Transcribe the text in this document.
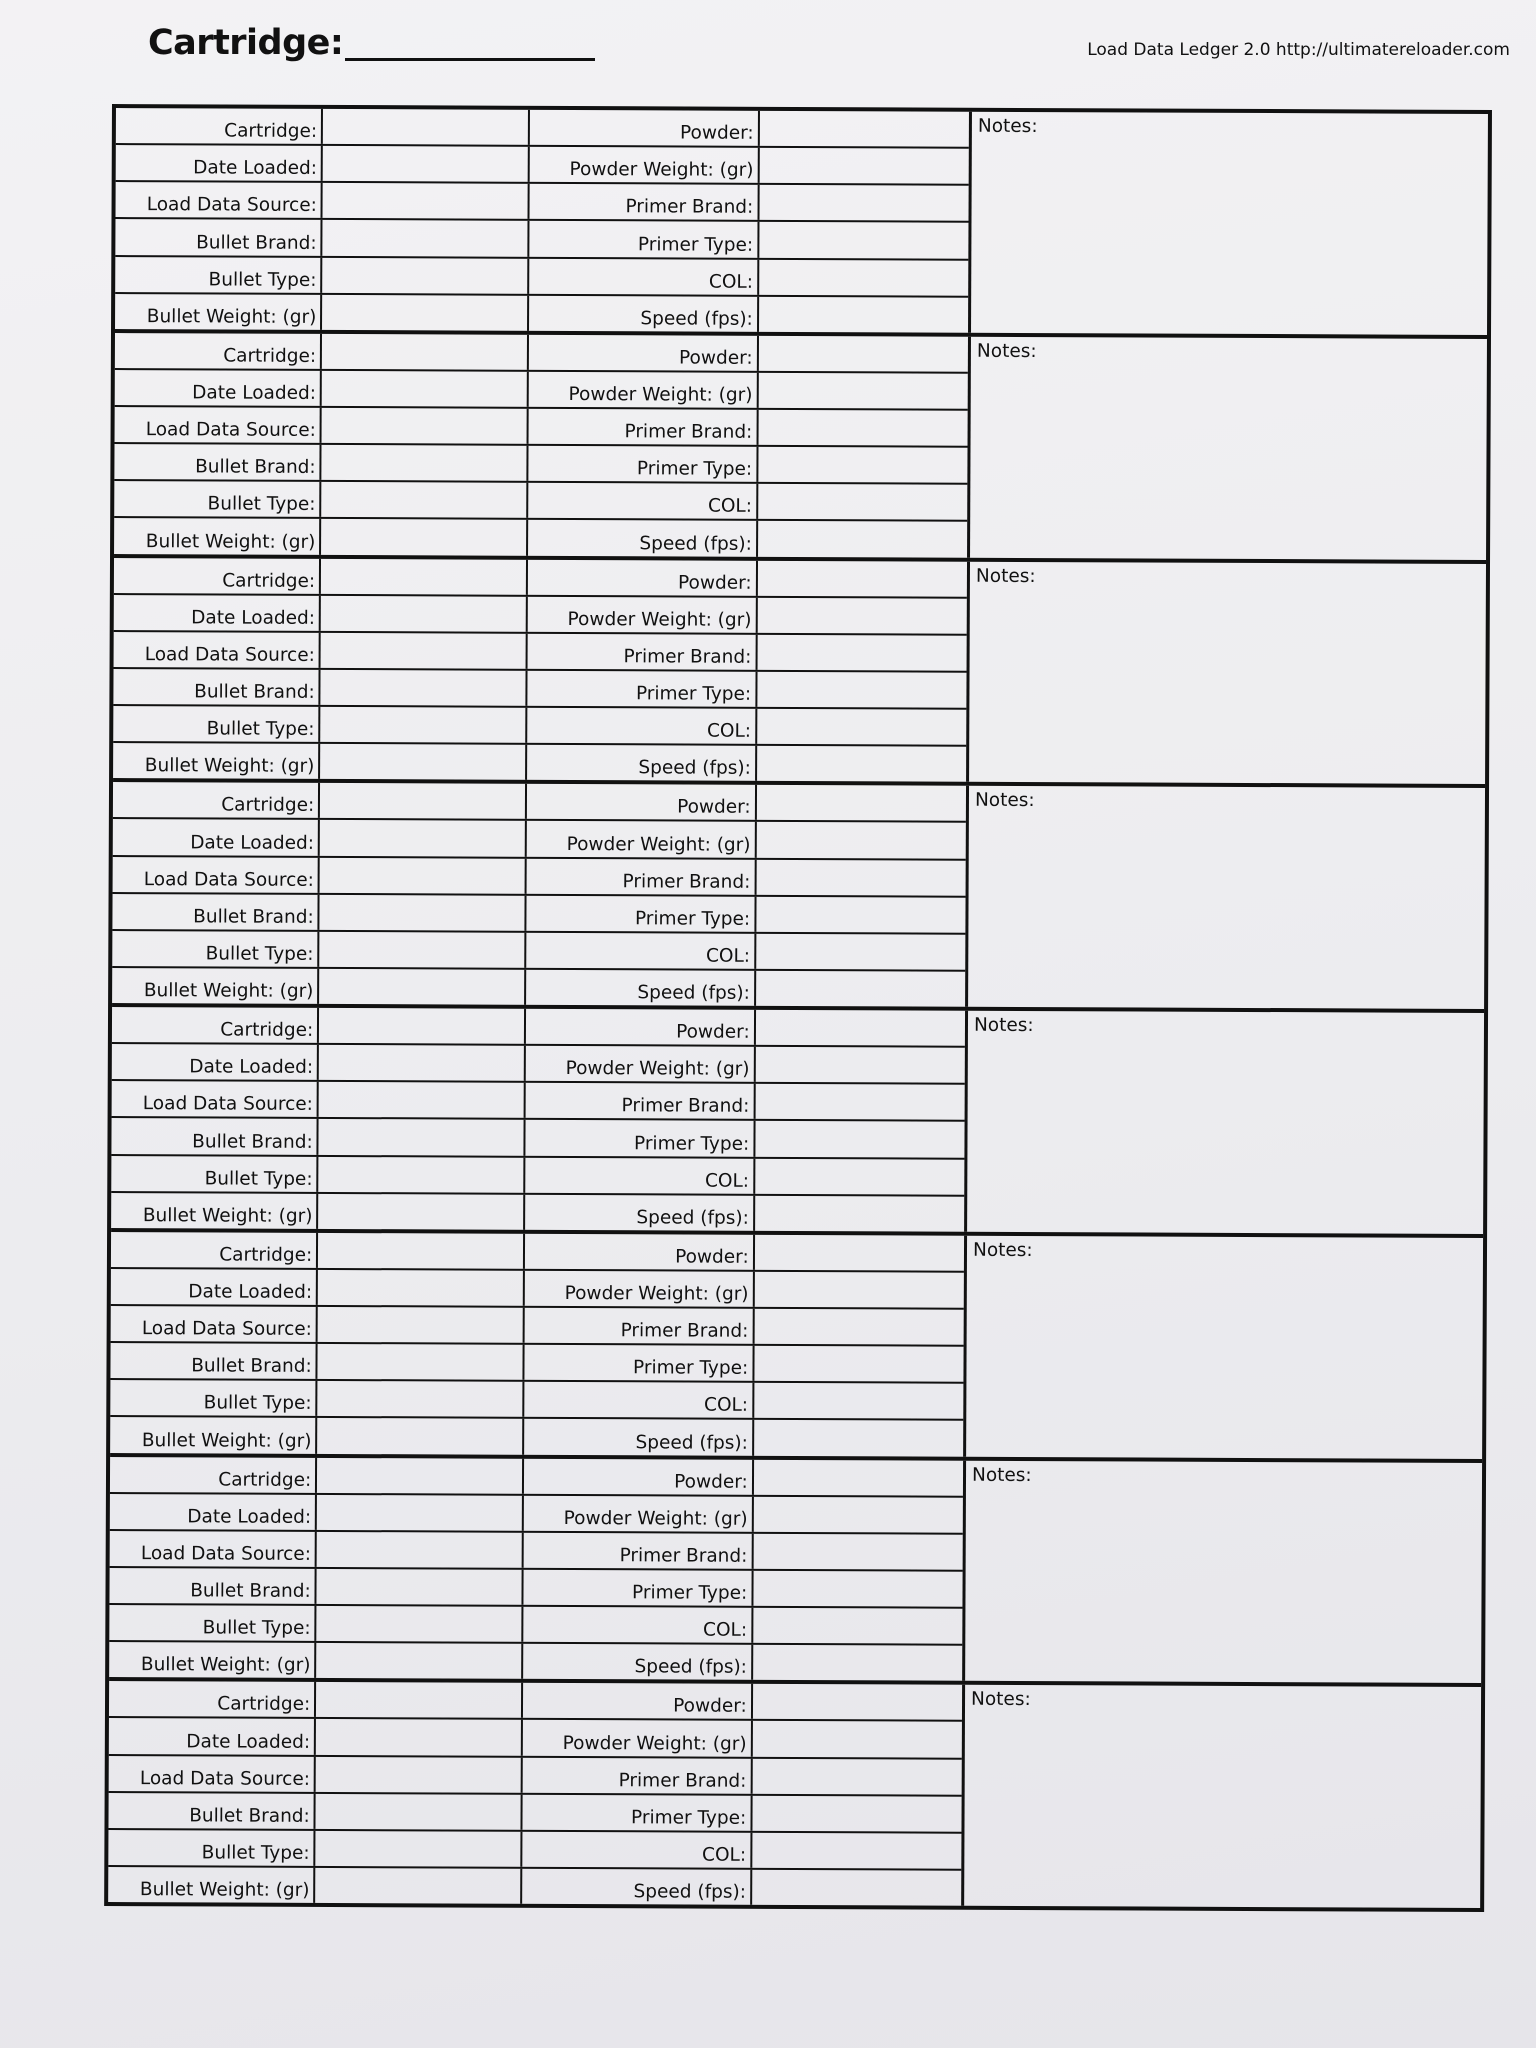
Cartridge:	Load Data Ledger 2.0 http://ultimatereloader.com
Cartridge:	Powder:
Date Loaded:	Powder Weight: (gr)
Load Data Source:	Primer Brand:
Bullet Brand:	Primer Type:
Bullet Type:	COL:
Bullet Weight: (gr)	Speed (fps):
Notes:
Cartridge:	Powder:
Date Loaded:	Powder Weight: (gr)
Load Data Source:	Primer Brand:
Bullet Brand:	Primer Type:
Bullet Type:	COL:
Bullet Weight: (gr)	Speed (fps):
Notes:
Cartridge:	Powder:
Date Loaded:	Powder Weight: (gr)
Load Data Source:	Primer Brand:
Bullet Brand:	Primer Type:
Bullet Type:	COL:
Bullet Weight: (gr)	Speed (fps):
Notes:
Cartridge:	Powder:
Date Loaded:	Powder Weight: (gr)
Load Data Source:	Primer Brand:
Bullet Brand:	Primer Type:
Bullet Type:	COL:
Bullet Weight: (gr)	Speed (fps):
Notes:
Cartridge:	Powder:
Date Loaded:	Powder Weight: (gr)
Load Data Source:	Primer Brand:
Bullet Brand:	Primer Type:
Bullet Type:	COL:
Bullet Weight: (gr)	Speed (fps):
Notes:
Cartridge:	Powder:
Date Loaded:	Powder Weight: (gr)
Load Data Source:	Primer Brand:
Bullet Brand:	Primer Type:
Bullet Type:	COL:
Bullet Weight: (gr)	Speed (fps):
Notes:
Cartridge:	Powder:
Date Loaded:	Powder Weight: (gr)
Load Data Source:	Primer Brand:
Bullet Brand:	Primer Type:
Bullet Type:	COL:
Bullet Weight: (gr)	Speed (fps):
Notes:
Cartridge:	Powder:
Date Loaded:	Powder Weight: (gr)
Load Data Source:	Primer Brand:
Bullet Brand:	Primer Type:
Bullet Type:	COL:
Bullet Weight: (gr)	Speed (fps):
Notes:
